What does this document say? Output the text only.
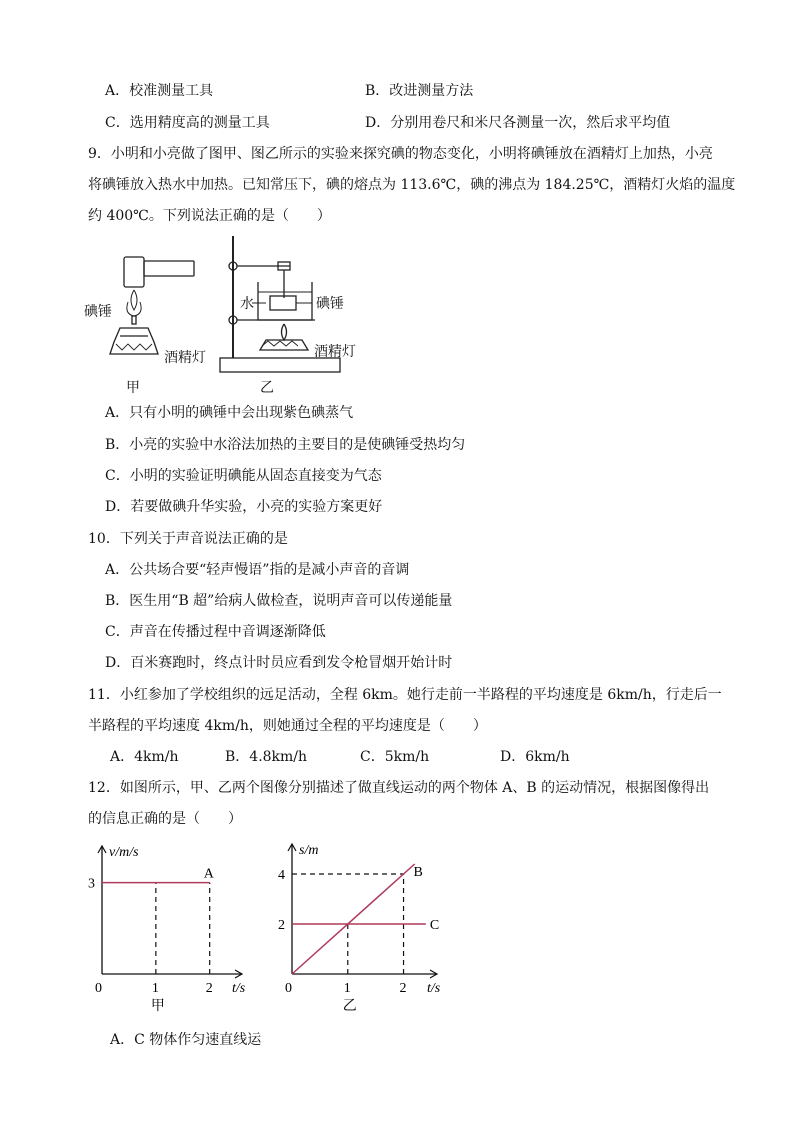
A．校准测量工具	B．改进测量方法
C．选用精度高的测量工具	D．分别用卷尺和米尺各测量一次，然后求平均值
9．小明和小亮做了图甲、图乙所示的实验来探究碘的物态变化，小明将碘锤放在酒精灯上加热，小亮
将碘锤放入热水中加热。已知常压下，碘的熔点为 113.6℃，碘的沸点为 184.25℃，酒精灯火焰的温度
约 400℃。下列说法正确的是（　　）
碘锤
酒精灯
甲
水	碘锤
酒精灯
乙
A．只有小明的碘锤中会出现紫色碘蒸气
B．小亮的实验中水浴法加热的主要目的是使碘锤受热均匀
C．小明的实验证明碘能从固态直接变为气态
D．若要做碘升华实验，小亮的实验方案更好
10．下列关于声音说法正确的是
A．公共场合要“轻声慢语”指的是减小声音的音调
B．医生用“B 超”给病人做检查，说明声音可以传递能量
C．声音在传播过程中音调逐渐降低
D．百米赛跑时，终点计时员应看到发令枪冒烟开始计时
11．小红参加了学校组织的远足活动，全程 6km。她行走前一半路程的平均速度是 6km/h，行走后一
半路程的平均速度 4km/h，则她通过全程的平均速度是（　　）
A．4km/h	B．4.8km/h	C．5km/h	D．6km/h
12．如图所示，甲、乙两个图像分别描述了做直线运动的两个物体 A、B 的运动情况，根据图像得出
的信息正确的是（　　）
v/m/s
t/s
0	1	2
3
A
甲
s/m
t/s
0	1	2
2
4	B
C
乙
A．C 物体作匀速直线运
